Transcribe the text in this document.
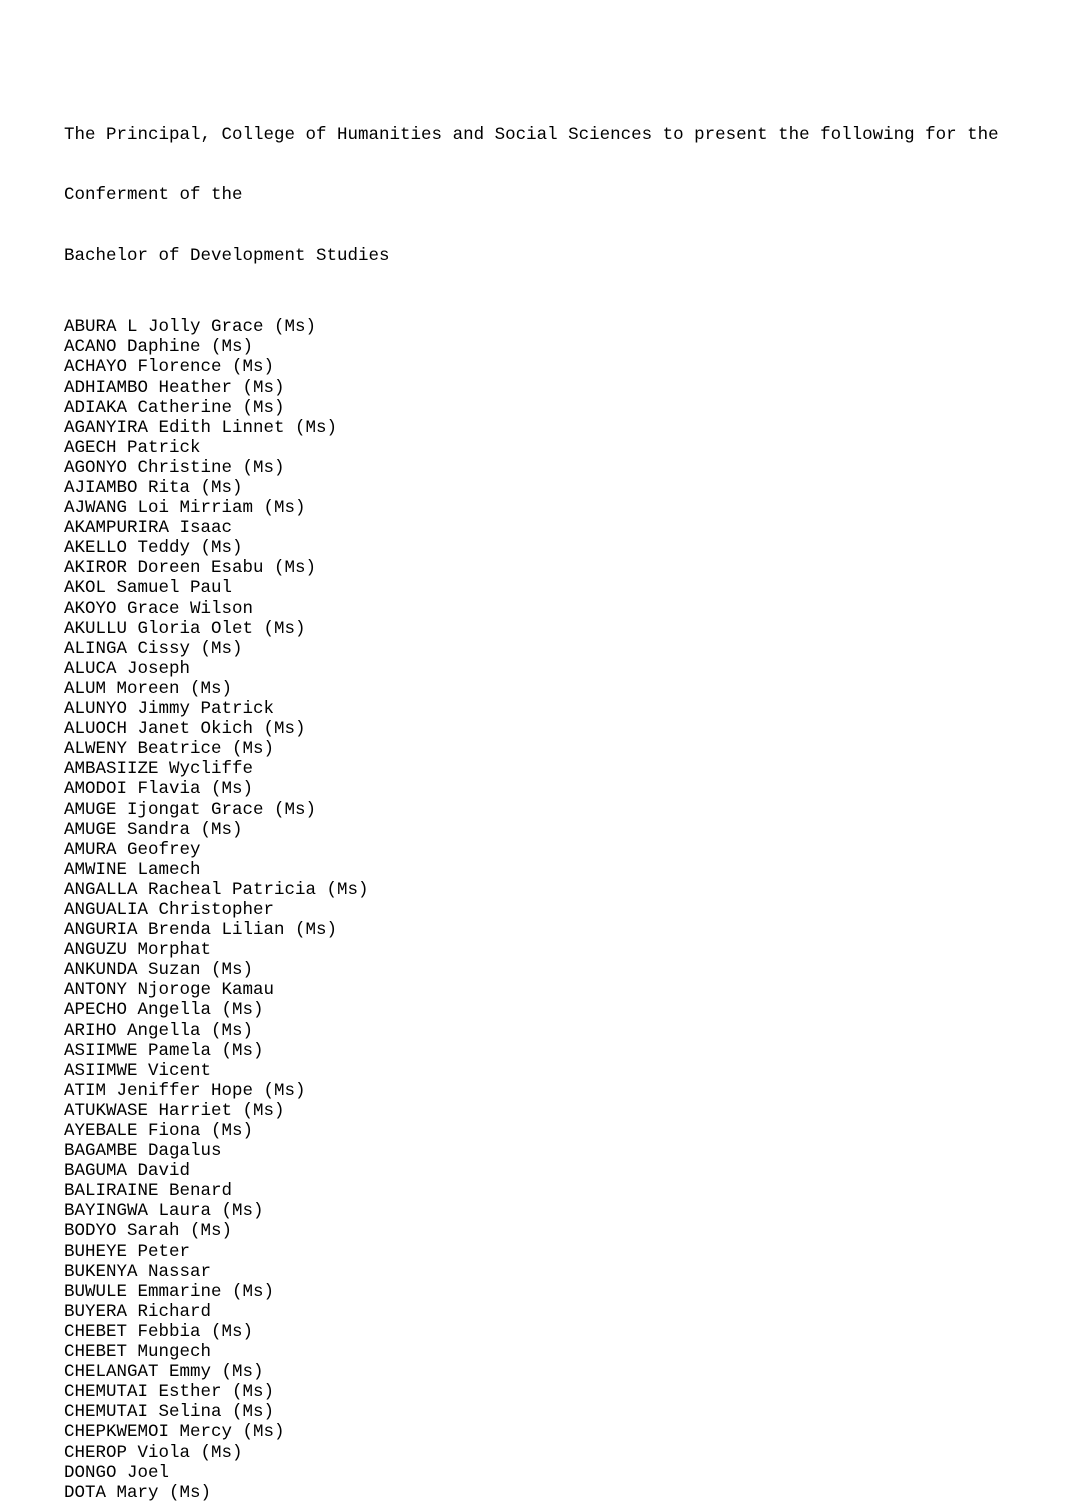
The Principal, College of Humanities and Social Sciences to present the following for the

Conferment of the

Bachelor of Development Studies

ABURA L Jolly Grace (Ms)
ACANO Daphine (Ms)
ACHAYO Florence (Ms)
ADHIAMBO Heather (Ms)
ADIAKA Catherine (Ms)
AGANYIRA Edith Linnet (Ms)
AGECH Patrick
AGONYO Christine (Ms)
AJIAMBO Rita (Ms)
AJWANG Loi Mirriam (Ms)
AKAMPURIRA Isaac
AKELLO Teddy (Ms)
AKIROR Doreen Esabu (Ms)
AKOL Samuel Paul
AKOYO Grace Wilson
AKULLU Gloria Olet (Ms)
ALINGA Cissy (Ms)
ALUCA Joseph
ALUM Moreen (Ms)
ALUNYO Jimmy Patrick
ALUOCH Janet Okich (Ms)
ALWENY Beatrice (Ms)
AMBASIIZE Wycliffe
AMODOI Flavia (Ms)
AMUGE Ijongat Grace (Ms)
AMUGE Sandra (Ms)
AMURA Geofrey
AMWINE Lamech
ANGALLA Racheal Patricia (Ms)
ANGUALIA Christopher
ANGURIA Brenda Lilian (Ms)
ANGUZU Morphat
ANKUNDA Suzan (Ms)
ANTONY Njoroge Kamau
APECHO Angella (Ms)
ARIHO Angella (Ms)
ASIIMWE Pamela (Ms)
ASIIMWE Vicent
ATIM Jeniffer Hope (Ms)
ATUKWASE Harriet (Ms)
AYEBALE Fiona (Ms)
BAGAMBE Dagalus
BAGUMA David
BALIRAINE Benard
BAYINGWA Laura (Ms)
BODYO Sarah (Ms)
BUHEYE Peter
BUKENYA Nassar
BUWULE Emmarine (Ms)
BUYERA Richard
CHEBET Febbia (Ms)
CHEBET Mungech
CHELANGAT Emmy (Ms)
CHEMUTAI Esther (Ms)
CHEMUTAI Selina (Ms)
CHEPKWEMOI Mercy (Ms)
CHEROP Viola (Ms)
DONGO Joel
DOTA Mary (Ms)
